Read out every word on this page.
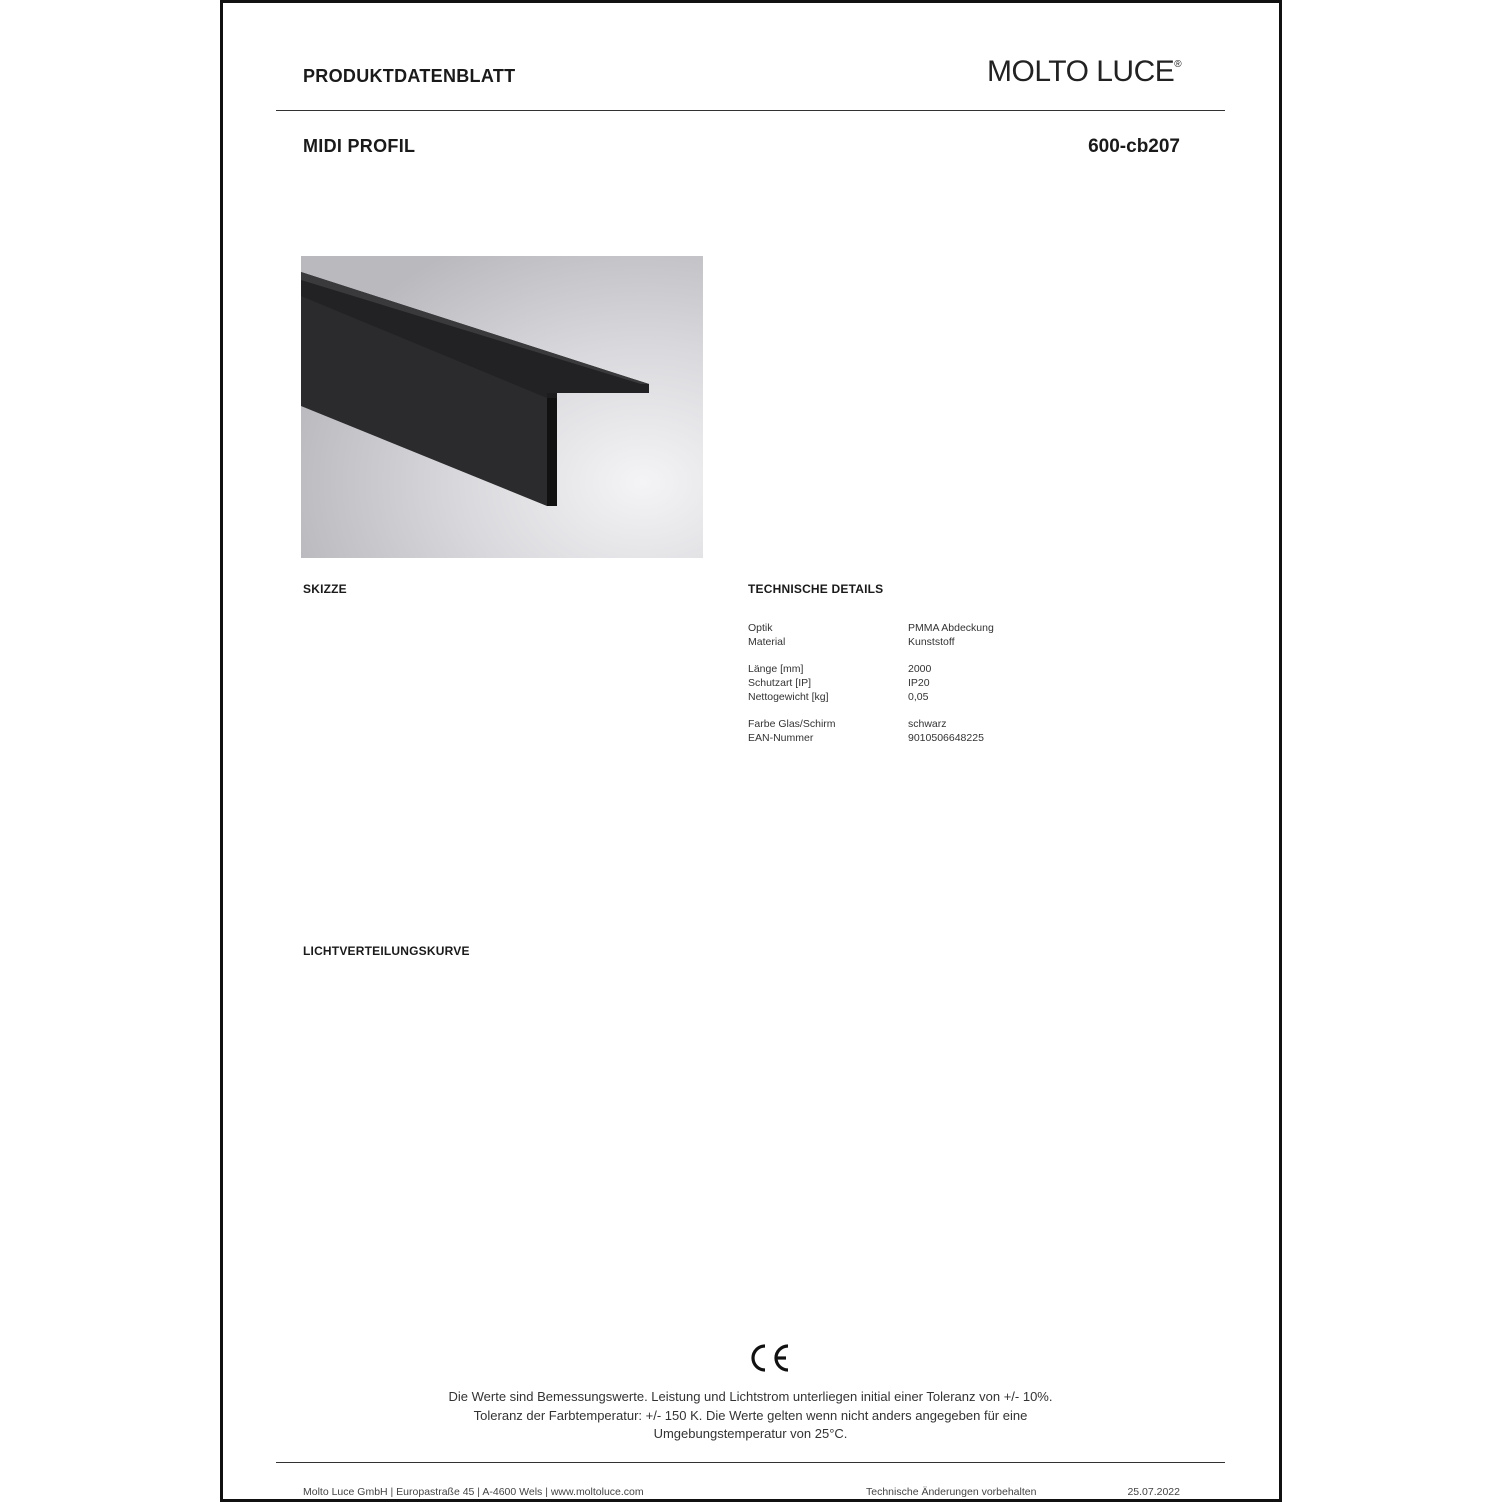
PRODUKTDATENBLATT	MOLTO LUCE®
MIDI PROFIL	600-cb207
SKIZZE	TECHNISCHE DETAILS
Optik	PMMA Abdeckung
Material	Kunststoff
Länge [mm]	2000
Schutzart [IP]	IP20
Nettogewicht [kg]	0,05
Farbe Glas/Schirm	schwarz
EAN-Nummer	9010506648225
LICHTVERTEILUNGSKURVE
Die Werte sind Bemessungswerte. Leistung und Lichtstrom unterliegen initial einer Toleranz von +/- 10%.
Toleranz der Farbtemperatur: +/- 150 K. Die Werte gelten wenn nicht anders angegeben für eine
Umgebungstemperatur von 25°C.
Molto Luce GmbH | Europastraße 45 | A-4600 Wels | www.moltoluce.com	Technische Änderungen vorbehalten	25.07.2022
